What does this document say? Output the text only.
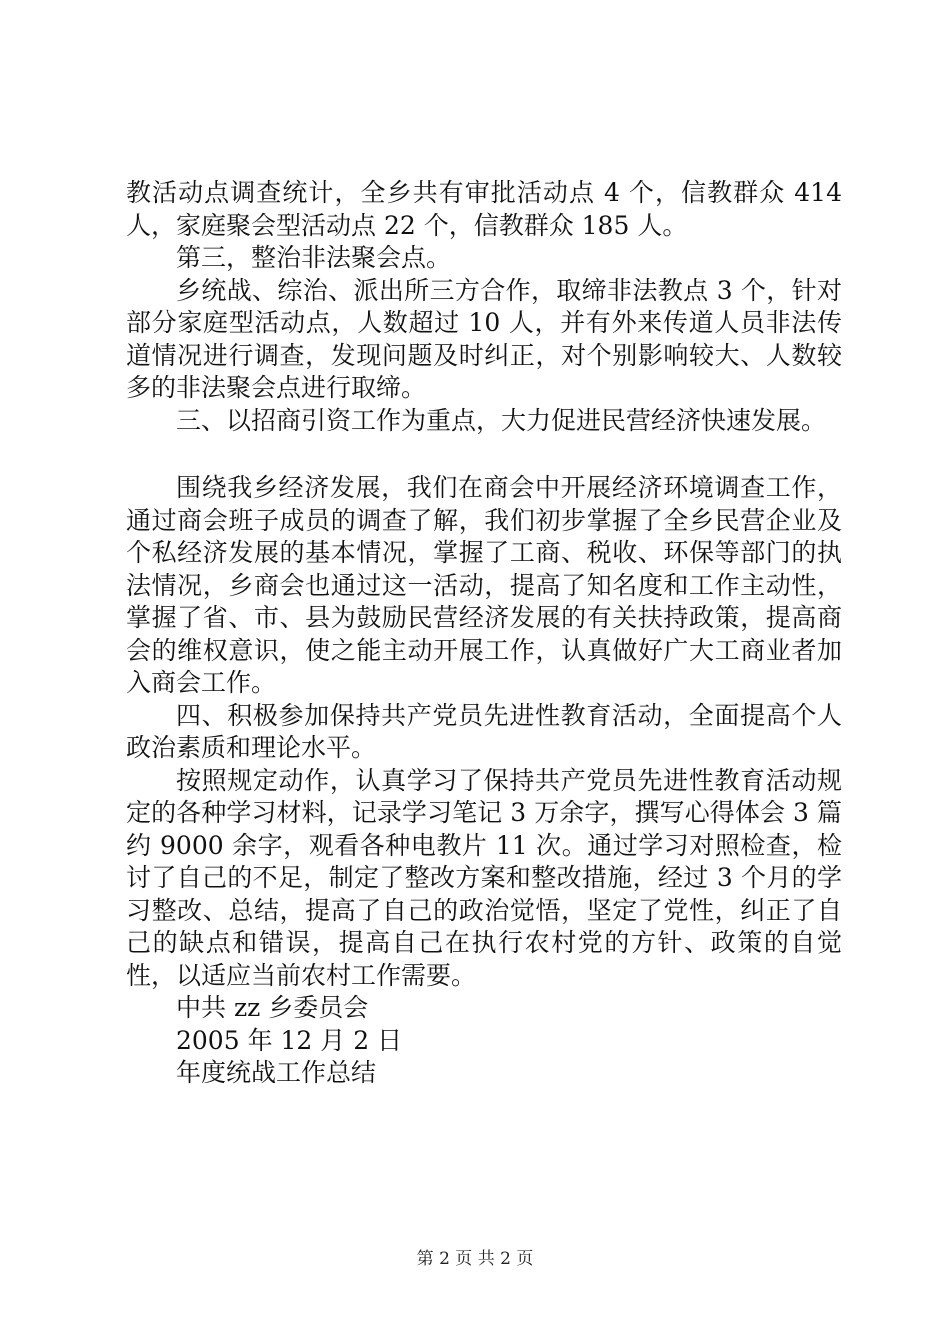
教活动点调查统计，全乡共有审批活动点 4 个，信教群众 414 人，家庭聚会型活动点 22 个，信教群众 185 人。

第三，整治非法聚会点。

乡统战、综治、派出所三方合作，取缔非法教点 3 个，针对部分家庭型活动点，人数超过 10 人，并有外来传道人员非法传道情况进行调查，发现问题及时纠正，对个别影响较大、人数较多的非法聚会点进行取缔。

三、以招商引资工作为重点，大力促进民营经济快速发展。

围绕我乡经济发展，我们在商会中开展经济环境调查工作，通过商会班子成员的调查了解，我们初步掌握了全乡民营企业及个私经济发展的基本情况，掌握了工商、税收、环保等部门的执法情况，乡商会也通过这一活动，提高了知名度和工作主动性，掌握了省、市、县为鼓励民营经济发展的有关扶持政策，提高商会的维权意识，使之能主动开展工作，认真做好广大工商业者加入商会工作。

四、积极参加保持共产党员先进性教育活动，全面提高个人政治素质和理论水平。

按照规定动作，认真学习了保持共产党员先进性教育活动规定的各种学习材料，记录学习笔记 3 万余字，撰写心得体会 3 篇约 9000 余字，观看各种电教片 11 次。通过学习对照检查，检讨了自己的不足，制定了整改方案和整改措施，经过 3 个月的学习整改、总结，提高了自己的政治觉悟，坚定了党性，纠正了自己的缺点和错误，提高自己在执行农村党的方针、政策的自觉性，以适应当前农村工作需要。

中共 zz 乡委员会

2005 年 12 月 2 日

年度统战工作总结

第 2 页 共 2 页
